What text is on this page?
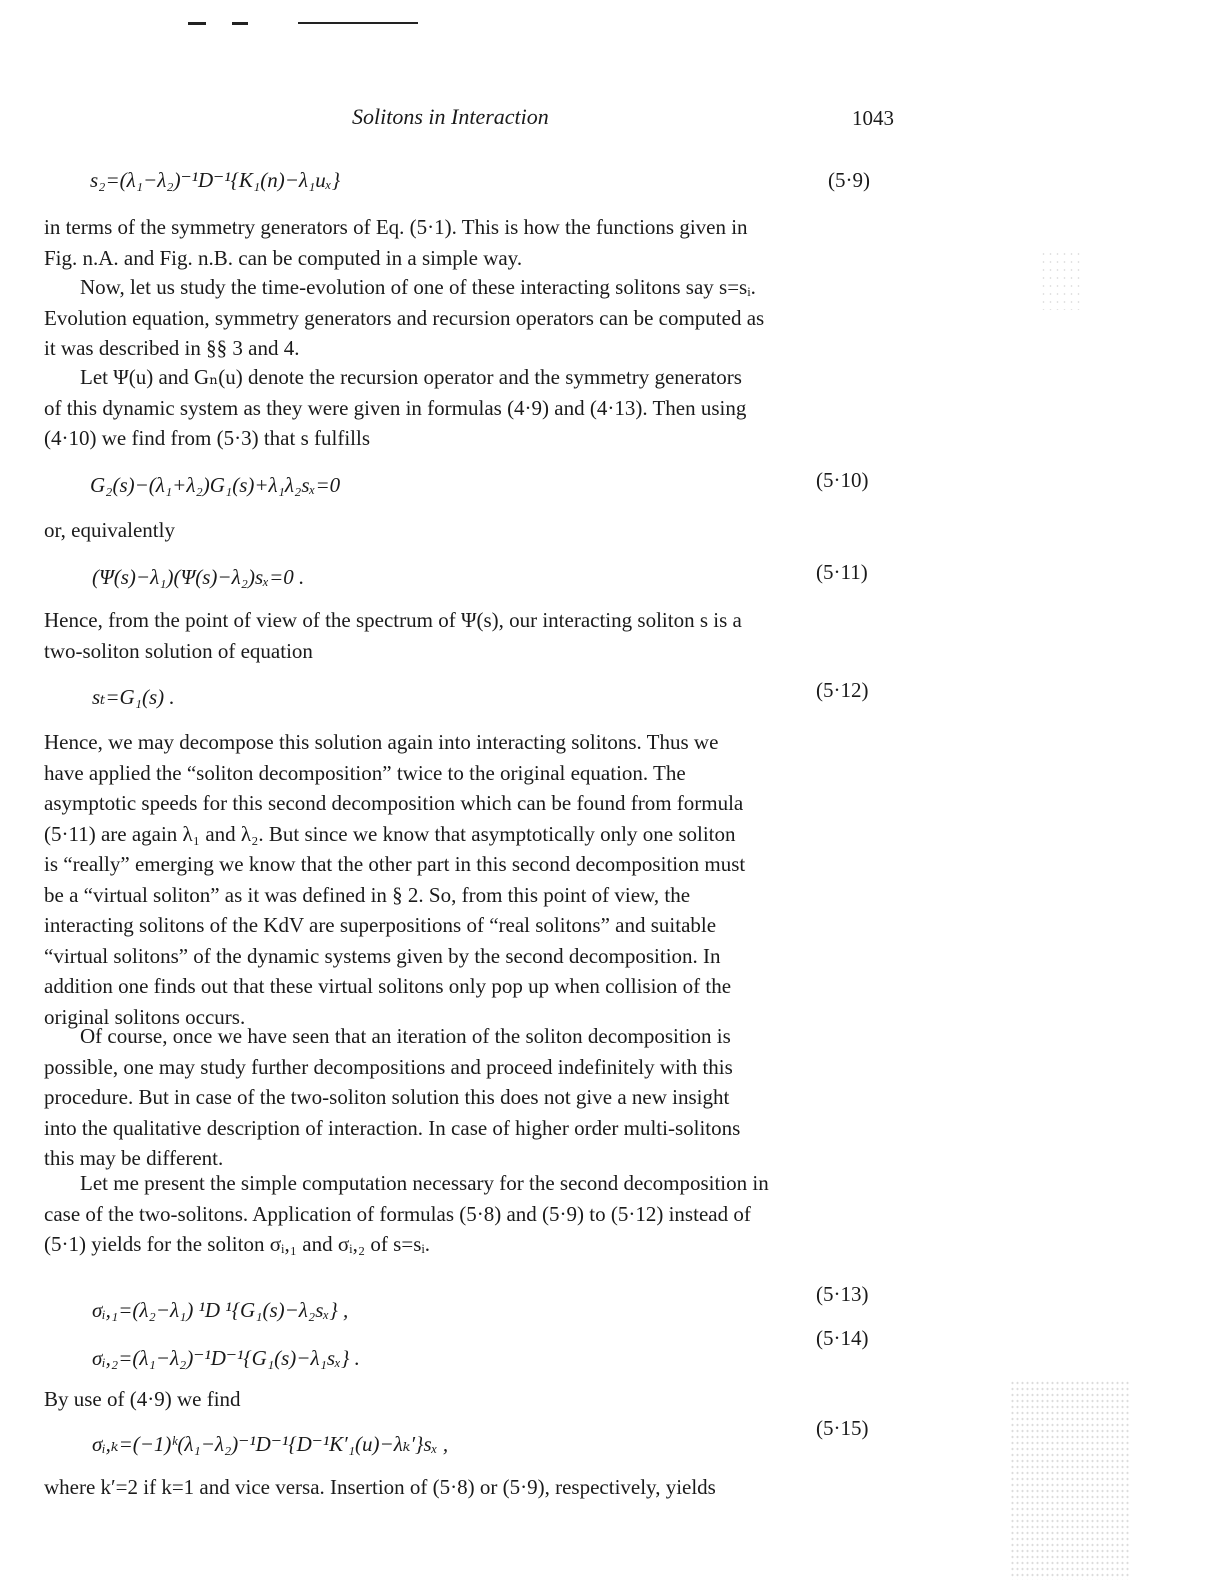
Solitons in Interaction	1043
s₂=(λ₁−λ₂)⁻¹D⁻¹{K₁(n)−λ₁uₓ}	(5·9)
in terms of the symmetry generators of Eq. (5·1). This is how the functions given in
Fig. n.A. and Fig. n.B. can be computed in a simple way.
Now, let us study the time-evolution of one of these interacting solitons say s=sᵢ.
Evolution equation, symmetry generators and recursion operators can be computed as
it was described in §§ 3 and 4.
Let Ψ(u) and Gₙ(u) denote the recursion operator and the symmetry generators
of this dynamic system as they were given in formulas (4·9) and (4·13). Then using
(4·10) we find from (5·3) that s fulfills
G₂(s)−(λ₁+λ₂)G₁(s)+λ₁λ₂sₓ=0	(5·10)
or, equivalently
(Ψ(s)−λ₁)(Ψ(s)−λ₂)sₓ=0 .	(5·11)
Hence, from the point of view of the spectrum of Ψ(s), our interacting soliton s is a
two-soliton solution of equation
sₜ=G₁(s) .	(5·12)
Hence, we may decompose this solution again into interacting solitons. Thus we
have applied the “soliton decomposition” twice to the original equation. The
asymptotic speeds for this second decomposition which can be found from formula
(5·11) are again λ₁ and λ₂. But since we know that asymptotically only one soliton
is “really” emerging we know that the other part in this second decomposition must
be a “virtual soliton” as it was defined in § 2. So, from this point of view, the
interacting solitons of the KdV are superpositions of “real solitons” and suitable
“virtual solitons” of the dynamic systems given by the second decomposition. In
addition one finds out that these virtual solitons only pop up when collision of the
original solitons occurs.
Of course, once we have seen that an iteration of the soliton decomposition is
possible, one may study further decompositions and proceed indefinitely with this
procedure. But in case of the two-soliton solution this does not give a new insight
into the qualitative description of interaction. In case of higher order multi-solitons
this may be different.
Let me present the simple computation necessary for the second decomposition in
case of the two-solitons. Application of formulas (5·8) and (5·9) to (5·12) instead of
(5·1) yields for the soliton σᵢ,₁ and σᵢ,₂ of s=sᵢ.
(5·13)
σᵢ,₁=(λ₂−λ₁) ¹D ¹{G₁(s)−λ₂sₓ} ,
(5·14)
σᵢ,₂=(λ₁−λ₂)⁻¹D⁻¹{G₁(s)−λ₁sₓ} .
By use of (4·9) we find
(5·15)
σᵢ,ₖ=(−1)ᵏ(λ₁−λ₂)⁻¹D⁻¹{D⁻¹K′₁(u)−λₖ′}sₓ ,
where k′=2 if k=1 and vice versa. Insertion of (5·8) or (5·9), respectively, yields
